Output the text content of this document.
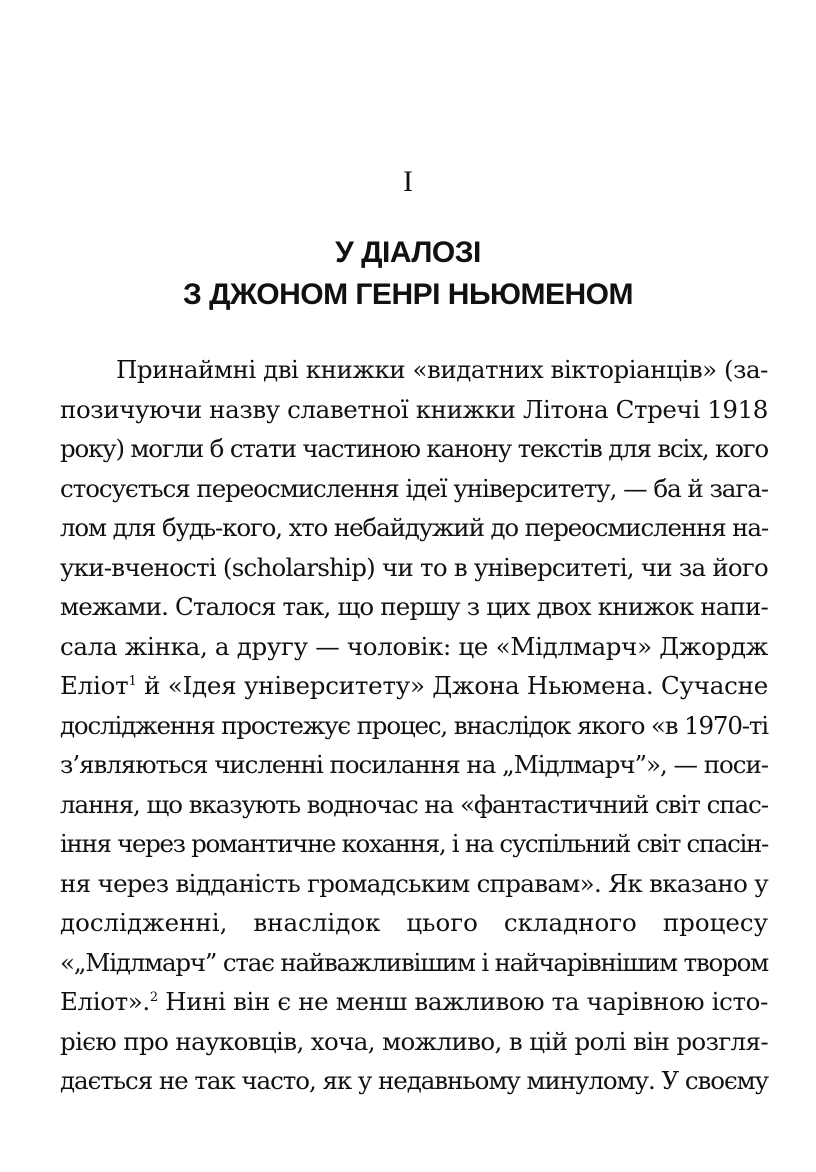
I
У ДІАЛОЗІ
З ДЖОНОМ ГЕНРІ НЬЮМЕНОМ
Принаймні дві книжки «видатних вікторіанців» (за-
позичуючи назву славетної книжки Літона Стречі 1918
року) могли б стати частиною канону текстів для всіх, кого
стосується переосмислення ідеї університету, — ба й зага-
лом для будь-кого, хто небайдужий до переосмислення на-
уки-вченості (scholarship) чи то в університеті, чи за його
межами. Сталося так, що першу з цих двох книжок напи-
сала жінка, а другу — чоловік: це «Мідлмарч» Джордж
Еліот$^1$ й «Ідея університету» Джона Ньюмена. Сучасне
дослідження простежує процес, внаслідок якого «в 1970-ті
з’являються численні посилання на „Мідлмарч”», — поси-
лання, що вказують водночас на «фантастичний світ спас-
іння через романтичне кохання, і на суспільний світ спасін-
ня через відданість громадським справам». Як вказано у
дослідженні, внаслідок цього складного процесу
«„Мідлмарч” стає найважливішим і найчарівнішим твором
Еліот».$^2$ Нині він є не менш важливою та чарівною істо-
рією про науковців, хоча, можливо, в цій ролі він розгля-
дається не так часто, як у недавньому минулому. У своєму
